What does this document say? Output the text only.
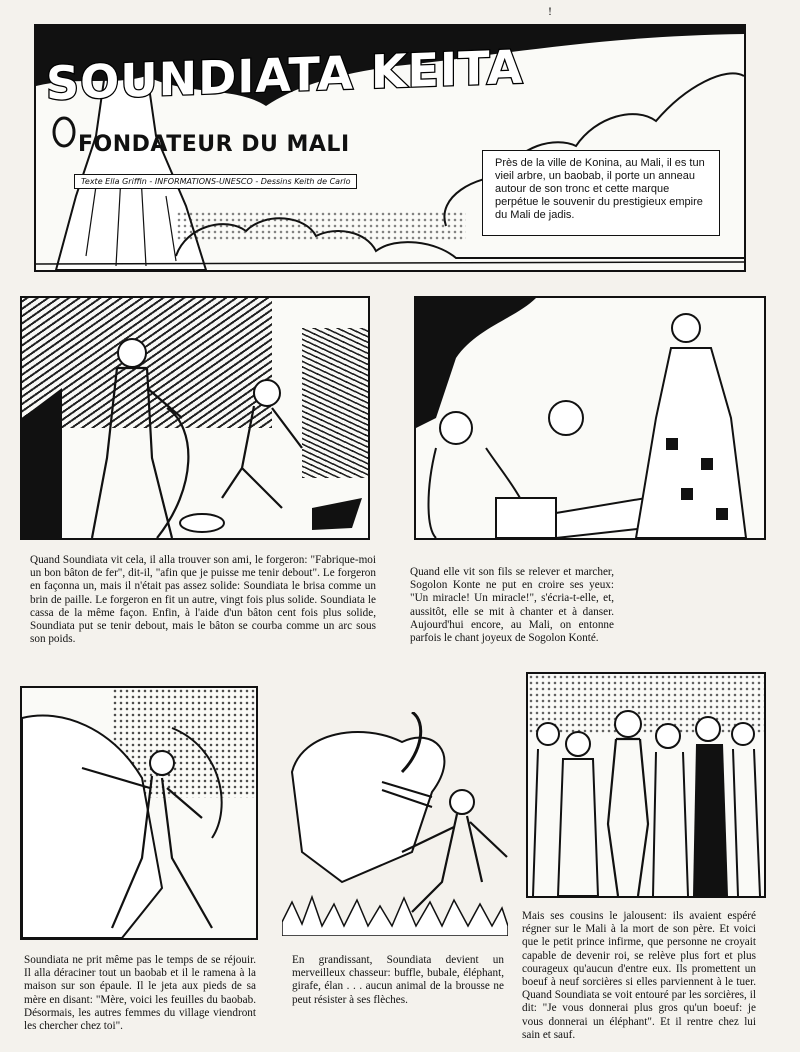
!
SOUNDIATA KEITA
FONDATEUR DU MALI
Texte Ella Griffin - INFORMATIONS-UNESCO - Dessins Keith de Carlo
Près de la ville de Konina, au Mali, il es tun vieil arbre, un baobab, il porte un anneau autour de son tronc et cette marque perpétue le souvenir du prestigieux empire du Mali de jadis.

Quand Soundiata vit cela, il alla trouver son ami, le forgeron: "Fabrique-moi un bon bâton de fer", dit-il, "afin que je puisse me tenir debout". Le forgeron en façonna un, mais il n'était pas assez solide: Soundiata le brisa comme un brin de paille. Le forgeron en fit un autre, vingt fois plus solide. Soundiata le cassa de la même façon. Enfin, à l'aide d'un bâton cent fois plus solide, Soundiata put se tenir debout, mais le bâton se courba comme un arc sous son poids.

Quand elle vit son fils se relever et marcher, Sogolon Konte ne put en croire ses yeux: "Un miracle! Un miracle!", s'écria-t-elle, et, aussitôt, elle se mit à chanter et à danser. Aujourd'hui encore, au Mali, on entonne parfois le chant joyeux de Sogolon Konté.

Soundiata ne prit même pas le temps de se réjouir. Il alla déraciner tout un baobab et il le ramena à la maison sur son épaule. Il le jeta aux pieds de sa mère en disant: "Mère, voici les feuilles du baobab. Désormais, les autres femmes du village viendront les chercher chez toi".

En grandissant, Soundiata devient un merveilleux chasseur: buffle, bubale, éléphant, girafe, élan . . . aucun animal de la brousse ne peut résister à ses flèches.

Mais ses cousins le jalousent: ils avaient espéré régner sur le Mali à la mort de son père. Et voici que le petit prince infirme, que personne ne croyait capable de devenir roi, se relève plus fort et plus courageux qu'aucun d'entre eux. Ils promettent un boeuf à neuf sorcières si elles parviennent à le tuer. Quand Soundiata se voit entouré par les sorcières, il dit: "Je vous donnerai plus gros qu'un boeuf: je vous donnerai un éléphant". Et il rentre chez lui sain et sauf.
